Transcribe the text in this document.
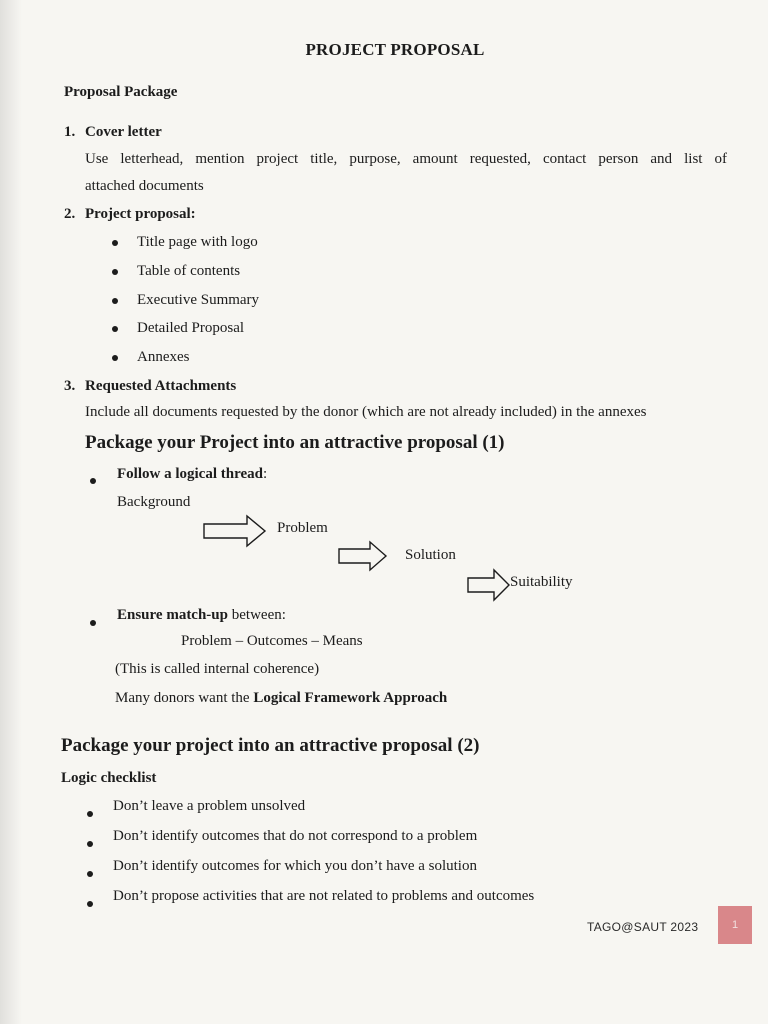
PROJECT PROPOSAL
Proposal Package
1. Cover letter
Use letterhead, mention project title, purpose, amount requested, contact person and list of
attached documents
2. Project proposal:
Title page with logo
Table of contents
Executive Summary
Detailed Proposal
Annexes
3. Requested Attachments
Include all documents requested by the donor (which are not already included) in the annexes
Package your Project into an attractive proposal (1)
Follow a logical thread:
Background
Problem
Solution
Suitability
Ensure match-up between:
Problem – Outcomes – Means
(This is called internal coherence)
Many donors want the Logical Framework Approach
Package your project into an attractive proposal (2)
Logic checklist
Don’t leave a problem unsolved
Don’t identify outcomes that do not correspond to a problem
Don’t identify outcomes for which you don’t have a solution
Don’t propose activities that are not related to problems and outcomes
TAGO@SAUT 2023	1
